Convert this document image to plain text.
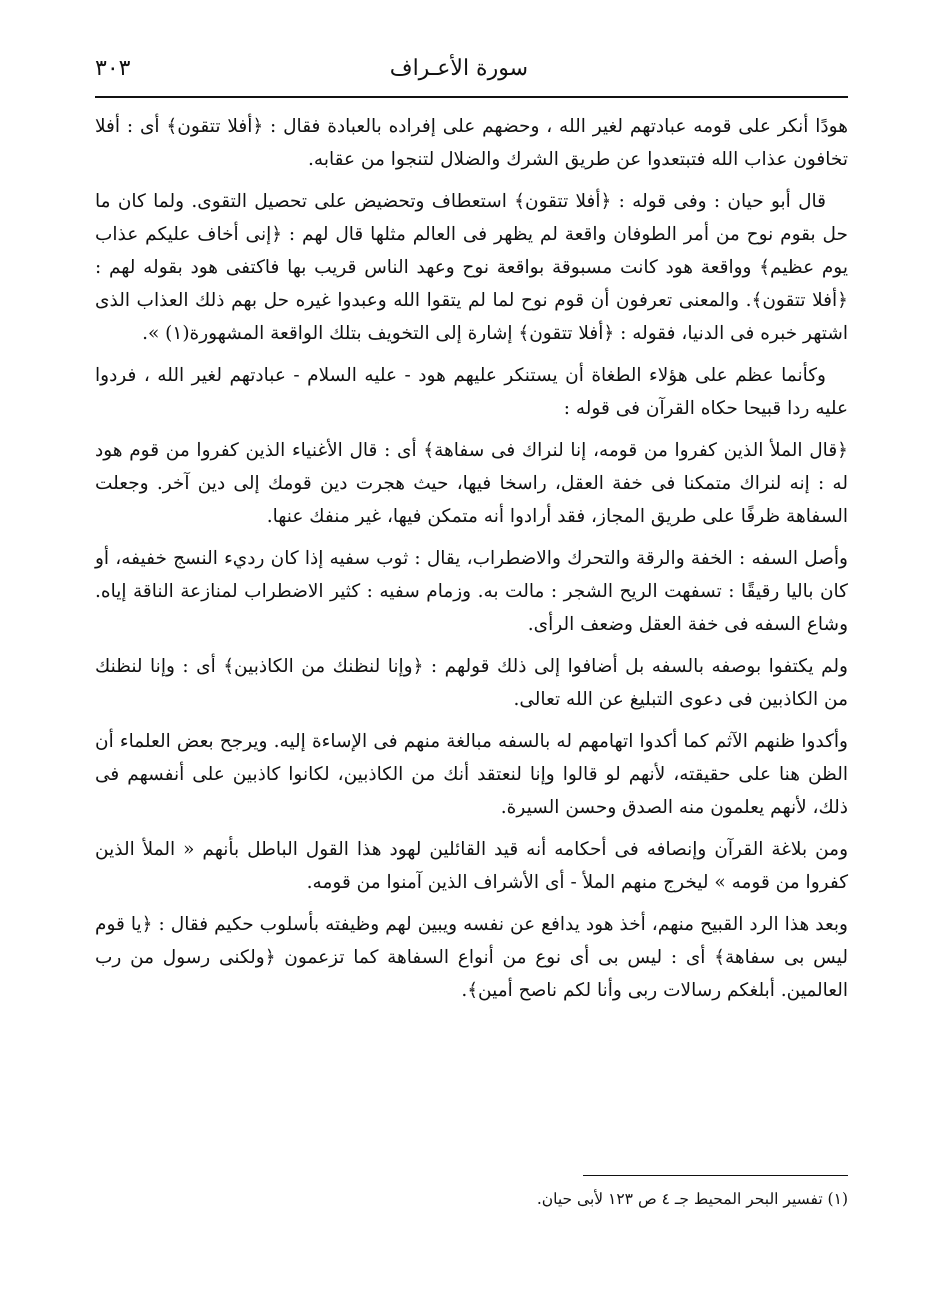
سورة الأعـراف
٣٠٣

هودًا أنكر على قومه عبادتهم لغير الله ، وحضهم على إفراده بالعبادة فقال : ﴿أفلا تتقون﴾ أى : أفلا تخافون عذاب الله فتبتعدوا عن طريق الشرك والضلال لتنجوا من عقابه.

قال أبو حيان : وفى قوله : ﴿أفلا تتقون﴾ استعطاف وتحضيض على تحصيل التقوى. ولما كان ما حل بقوم نوح من أمر الطوفان واقعة لم يظهر فى العالم مثلها قال لهم : ﴿إنى أخاف عليكم عذاب يوم عظيم﴾ وواقعة هود كانت مسبوقة بواقعة نوح وعهد الناس قريب بها فاكتفى هود بقوله لهم : ﴿أفلا تتقون﴾. والمعنى تعرفون أن قوم نوح لما لم يتقوا الله وعبدوا غيره حل بهم ذلك العذاب الذى اشتهر خبره فى الدنيا، فقوله : ﴿أفلا تتقون﴾ إشارة إلى التخويف بتلك الواقعة المشهورة(١) ».

وكأنما عظم على هؤلاء الطغاة أن يستنكر عليهم هود - عليه السلام - عبادتهم لغير الله ، فردوا عليه ردا قبيحا حكاه القرآن فى قوله :

﴿قال الملأ الذين كفروا من قومه، إنا لنراك فى سفاهة﴾ أى : قال الأغنياء الذين كفروا من قوم هود له : إنه لنراك متمكنا فى خفة العقل، راسخا فيها، حيث هجرت دين قومك إلى دين آخر. وجعلت السفاهة ظرفًا على طريق المجاز، فقد أرادوا أنه متمكن فيها، غير منفك عنها.

وأصل السفه : الخفة والرقة والتحرك والاضطراب، يقال : ثوب سفيه إذا كان رديء النسج خفيفه، أو كان باليا رقيقًا : تسفهت الريح الشجر : مالت به. وزمام سفيه : كثير الاضطراب لمنازعة الناقة إياه. وشاع السفه فى خفة العقل وضعف الرأى.

ولم يكتفوا بوصفه بالسفه بل أضافوا إلى ذلك قولهم : ﴿وإنا لنظنك من الكاذبين﴾ أى : وإنا لنظنك من الكاذبين فى دعوى التبليغ عن الله تعالى.

وأكدوا ظنهم الآثم كما أكدوا اتهامهم له بالسفه مبالغة منهم فى الإساءة إليه. ويرجح بعض العلماء أن الظن هنا على حقيقته، لأنهم لو قالوا وإنا لنعتقد أنك من الكاذبين، لكانوا كاذبين على أنفسهم فى ذلك، لأنهم يعلمون منه الصدق وحسن السيرة.

ومن بلاغة القرآن وإنصافه فى أحكامه أنه قيد القائلين لهود هذا القول الباطل بأنهم « الملأ الذين كفروا من قومه » ليخرج منهم الملأ - أى الأشراف الذين آمنوا من قومه.

وبعد هذا الرد القبيح منهم، أخذ هود يدافع عن نفسه ويبين لهم وظيفته بأسلوب حكيم فقال : ﴿يا قوم ليس بى سفاهة﴾ أى : ليس بى أى نوع من أنواع السفاهة كما تزعمون ﴿ولكنى رسول من رب العالمين. أبلغكم رسالات ربى وأنا لكم ناصح أمين﴾.

(١) تفسير البحر المحيط جـ ٤ ص ١٢٣ لأبى حيان.
